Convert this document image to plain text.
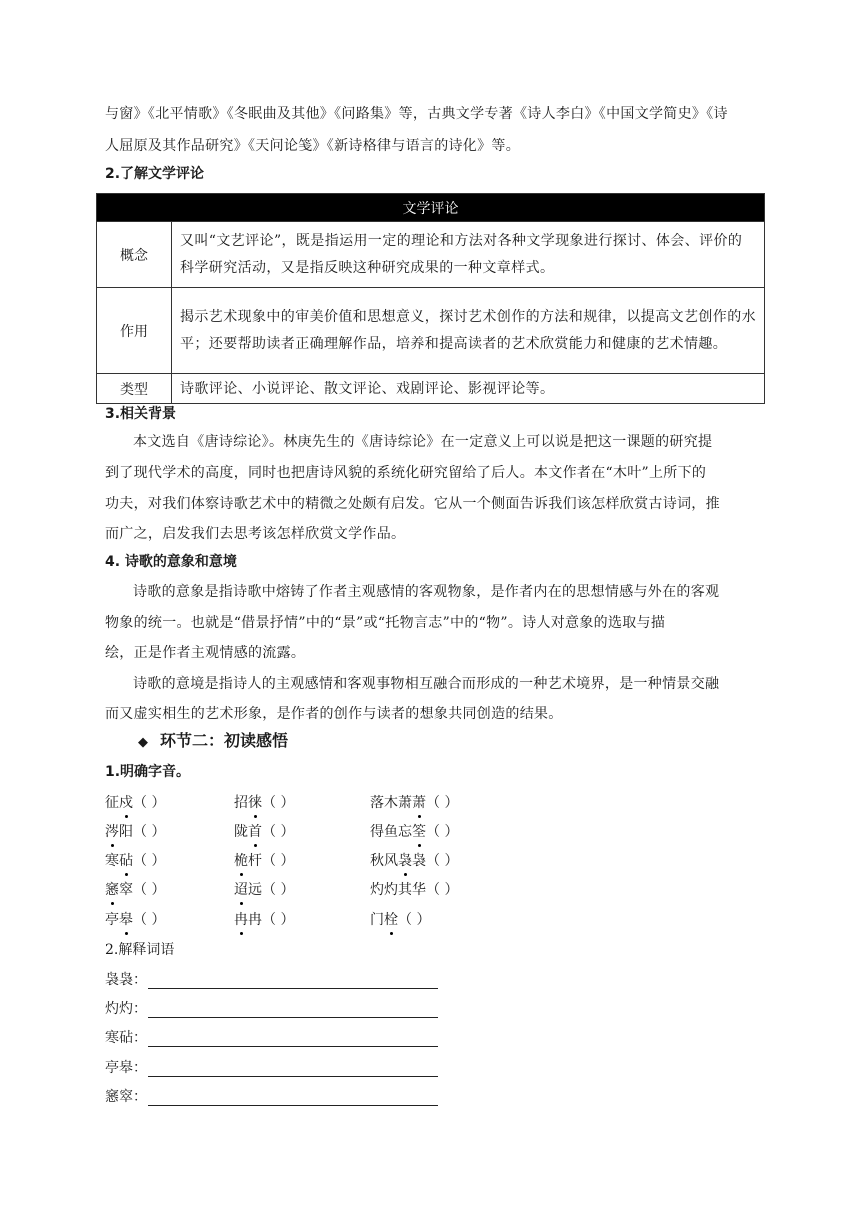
与窗》《北平情歌》《冬眠曲及其他》《问路集》等，古典文学专著《诗人李白》《中国文学简史》《诗
人屈原及其作品研究》《天问论笺》《新诗格律与语言的诗化》等。
2.了解文学评论
文学评论	
概念	又叫“文艺评论”，既是指运用一定的理论和方法对各种文学现象进行探讨、体会、评价的科学研究活动，又是指反映这种研究成果的一种文章样式。
作用	揭示艺术现象中的审美价值和思想意义，探讨艺术创作的方法和规律，以提高文艺创作的水平；还要帮助读者正确理解作品，培养和提高读者的艺术欣赏能力和健康的艺术情趣。
类型	诗歌评论、小说评论、散文评论、戏剧评论、影视评论等。
3.相关背景
本文选自《唐诗综论》。林庚先生的《唐诗综论》在一定意义上可以说是把这一课题的研究提
到了现代学术的高度，同时也把唐诗风貌的系统化研究留给了后人。本文作者在“木叶”上所下的
功夫，对我们体察诗歌艺术中的精微之处颇有启发。它从一个侧面告诉我们该怎样欣赏古诗词，推
而广之，启发我们去思考该怎样欣赏文学作品。
4. 诗歌的意象和意境
诗歌的意象是指诗歌中熔铸了作者主观感情的客观物象，是作者内在的思想情感与外在的客观
物象的统一。也就是“借景抒情”中的“景”或“托物言志”中的“物”。诗人对意象的选取与描
绘，正是作者主观情感的流露。
诗歌的意境是指诗人的主观感情和客观事物相互融合而形成的一种艺术境界，是一种情景交融
而又虚实相生的艺术形象，是作者的创作与读者的想象共同创造的结果。
◆ 环节二：初读感悟
1.明确字音。
征戍（ ）	招徕（ ）	落木萧萧（ ）
涔阳（ ）	陇首（ ）	得鱼忘筌（ ）
寒砧（ ）	桅杆（ ）	秋风袅袅（ ）
窸窣（ ）	迢远（ ）	灼灼其华（ ）
亭皋（ ）	冉冉（ ）	门栓（ ）
2.解释词语
袅袅：
灼灼：
寒砧：
亭皋：
窸窣：
